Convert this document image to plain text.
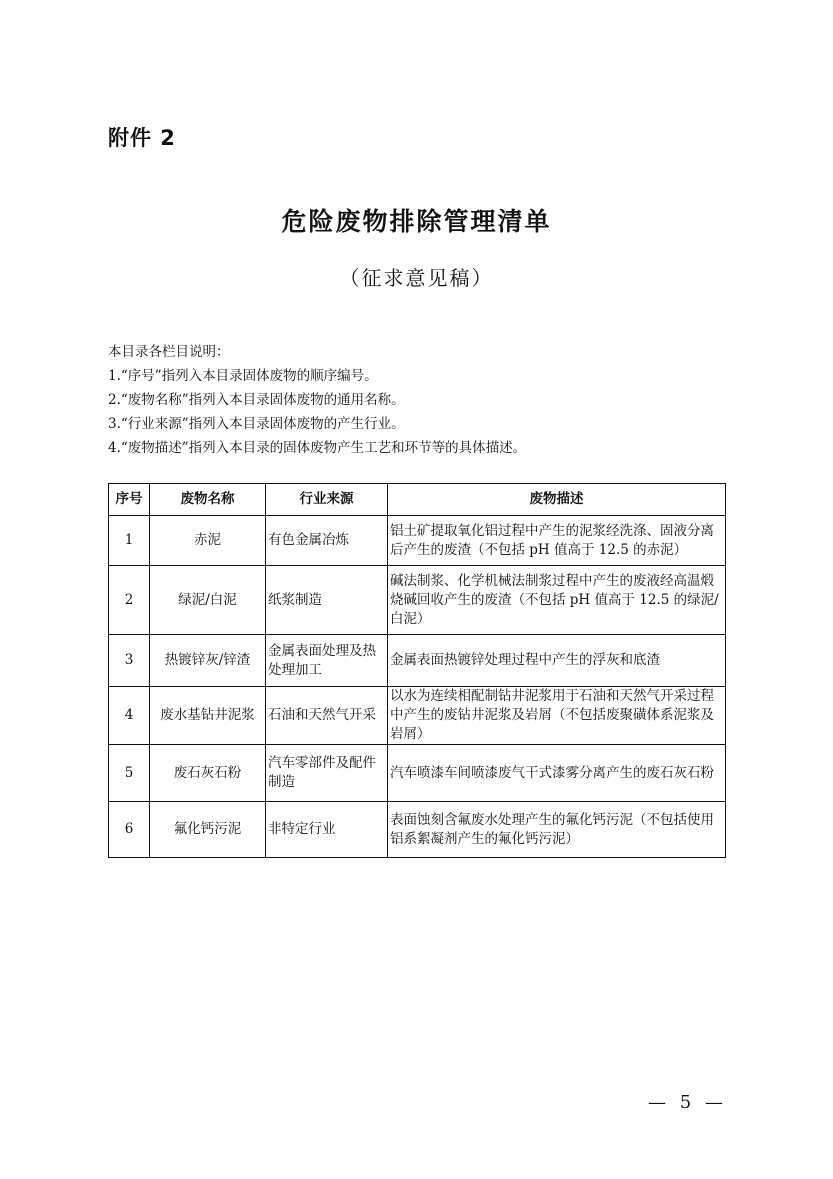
附件 2
危险废物排除管理清单
（征求意见稿）
本目录各栏目说明：
1.“序号”指列入本目录固体废物的顺序编号。
2.“废物名称”指列入本目录固体废物的通用名称。
3.“行业来源”指列入本目录固体废物的产生行业。
4.“废物描述”指列入本目录的固体废物产生工艺和环节等的具体描述。
序号	废物名称	行业来源	废物描述
1	赤泥	有色金属冶炼	铝土矿提取氧化铝过程中产生的泥浆经洗涤、固液分离后产生的废渣（不包括 pH 值高于 12.5 的赤泥）
2	绿泥/白泥	纸浆制造	碱法制浆、化学机械法制浆过程中产生的废液经高温煅烧碱回收产生的废渣（不包括 pH 值高于 12.5 的绿泥/白泥）
3	热镀锌灰/锌渣	金属表面处理及热处理加工	金属表面热镀锌处理过程中产生的浮灰和底渣
4	废水基钻井泥浆	石油和天然气开采	以水为连续相配制钻井泥浆用于石油和天然气开采过程中产生的废钻井泥浆及岩屑（不包括废聚磺体系泥浆及岩屑）
5	废石灰石粉	汽车零部件及配件制造	汽车喷漆车间喷漆废气干式漆雾分离产生的废石灰石粉
6	氟化钙污泥	非特定行业	表面蚀刻含氟废水处理产生的氟化钙污泥（不包括使用铝系絮凝剂产生的氟化钙污泥）
— 5 —
